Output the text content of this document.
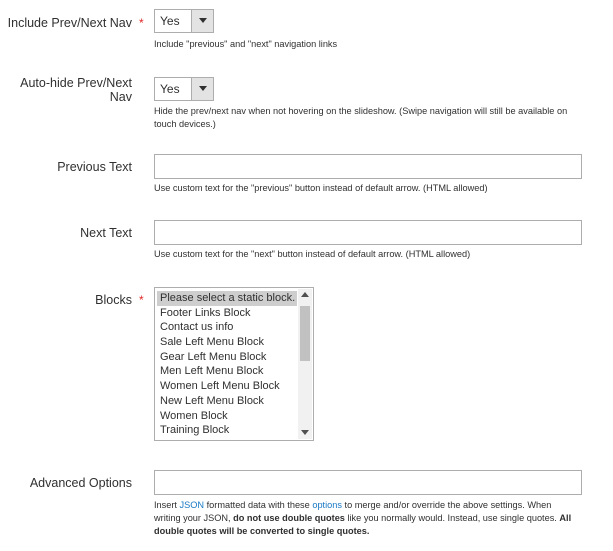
Include Prev/Next Nav * Yes
Include "previous" and "next" navigation links
Auto-hide Prev/Next
Nav
Yes
Hide the prev/next nav when not hovering on the slideshow. (Swipe navigation will still be available on
touch devices.)
Previous Text
Use custom text for the "previous" button instead of default arrow. (HTML allowed)
Next Text
Use custom text for the "next" button instead of default arrow. (HTML allowed)
Blocks * Please select a static block.
Footer Links Block
Contact us info
Sale Left Menu Block
Gear Left Menu Block
Men Left Menu Block
Women Left Menu Block
New Left Menu Block
Women Block
Training Block
Advanced Options
Insert JSON formatted data with these options to merge and/or override the above settings. When
writing your JSON, do not use double quotes like you normally would. Instead, use single quotes. All
double quotes will be converted to single quotes.
